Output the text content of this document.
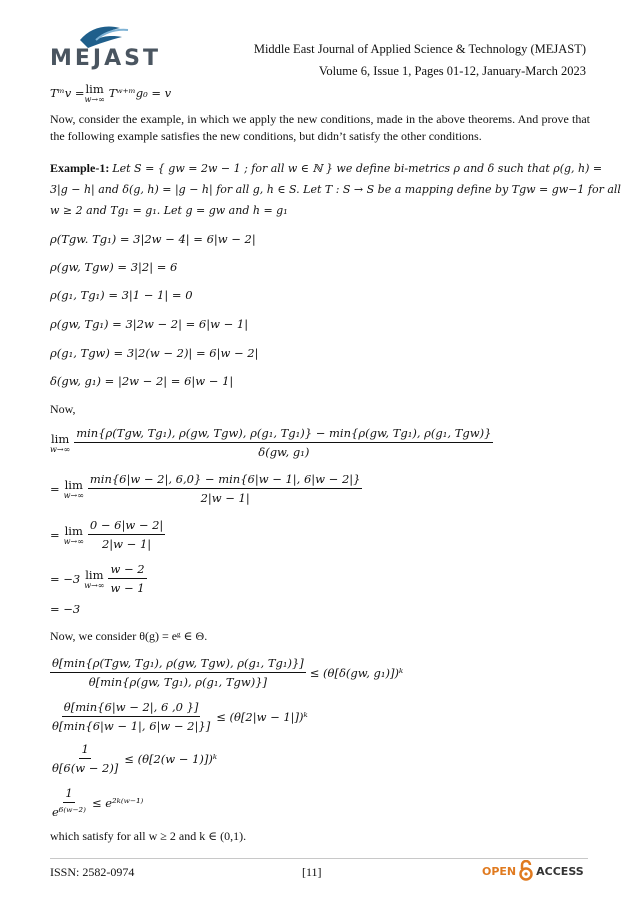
MEJAST	Middle East Journal of Applied Science & Technology (MEJAST)
Volume 6, Issue 1, Pages 01-12, January-March 2023
Tᵐv = lim
w→∞ Tʷ⁺ᵐg₀ = v
Now, consider the example, in which we apply the new conditions, made in the above theorems. And prove that the following example satisfies the new conditions, but didn’t satisfy the other conditions.
Example-1: Let S = { gw = 2w − 1 ; for all w ∈ ℕ } we define bi-metrics ρ and δ such that ρ(g, h) =
3|g − h| and δ(g, h) = |g − h| for all g, h ∈ S. Let T : S → S be a mapping define by Tgw = gw−1 for all
w ≥ 2 and Tg₁ = g₁. Let g = gw and h = g₁
ρ(Tgw. Tg₁) = 3|2w − 4| = 6|w − 2|
ρ(gw, Tgw) = 3|2| = 6
ρ(g₁, Tg₁) = 3|1 − 1| = 0
ρ(gw, Tg₁) = 3|2w − 2| = 6|w − 1|
ρ(g₁, Tgw) = 3|2(w − 2)| = 6|w − 2|
δ(gw, g₁) = |2w − 2| = 6|w − 1|
Now,
lim
w→∞
min{ρ(Tgw, Tg₁), ρ(gw, Tgw), ρ(g₁, Tg₁)} − min{ρ(gw, Tg₁), ρ(g₁, Tgw)}
δ(gw, g₁)
= lim
$w\to\infty \frac{\min\{6|w - 2|, 6,0\} - \min\{6|w - 1|, 6|w - 2|\}}{2|w - 1|}$
= lim
$w\to\infty \frac{0 - 6|w - 2|}{2|w - 1|}$
= −3 lim
$w\to\infty \frac{w - 2}{w - 1}$
= −3
Now, we consider θ(g) = eᵍ ∈ Θ.
$\frac{\text{θ[min\{ρ(Tgw, Tg₁), ρ(gw, Tgw), ρ(g₁, Tg₁)\}]}}{\text{θ[min\{ρ(gw, Tg₁), ρ(g₁, Tgw)\}]}} \le (\theta[\delta(gw$, g₁)])ᵏ
$\frac{\theta[\min\{6|w - 2|, 6 ,0 \}]}{\theta[\min\{6|w - 1|, 6|w - 2|\}]} \le (\theta[2|w$ − 1|])ᵏ
$\frac{1}{\theta[6(w - 2)]} \le (\theta[2(w$ − 1)])ᵏ
$\frac{1}{\text{e⁶⁽ʷ⁻²⁾}}$ ≤ e²ᵏ⁽ʷ⁻¹⁾
which satisfy for all w ≥ 2 and k ∈ (0,1).
ISSN: 2582-0974	[11]	OPEN ACCESS
